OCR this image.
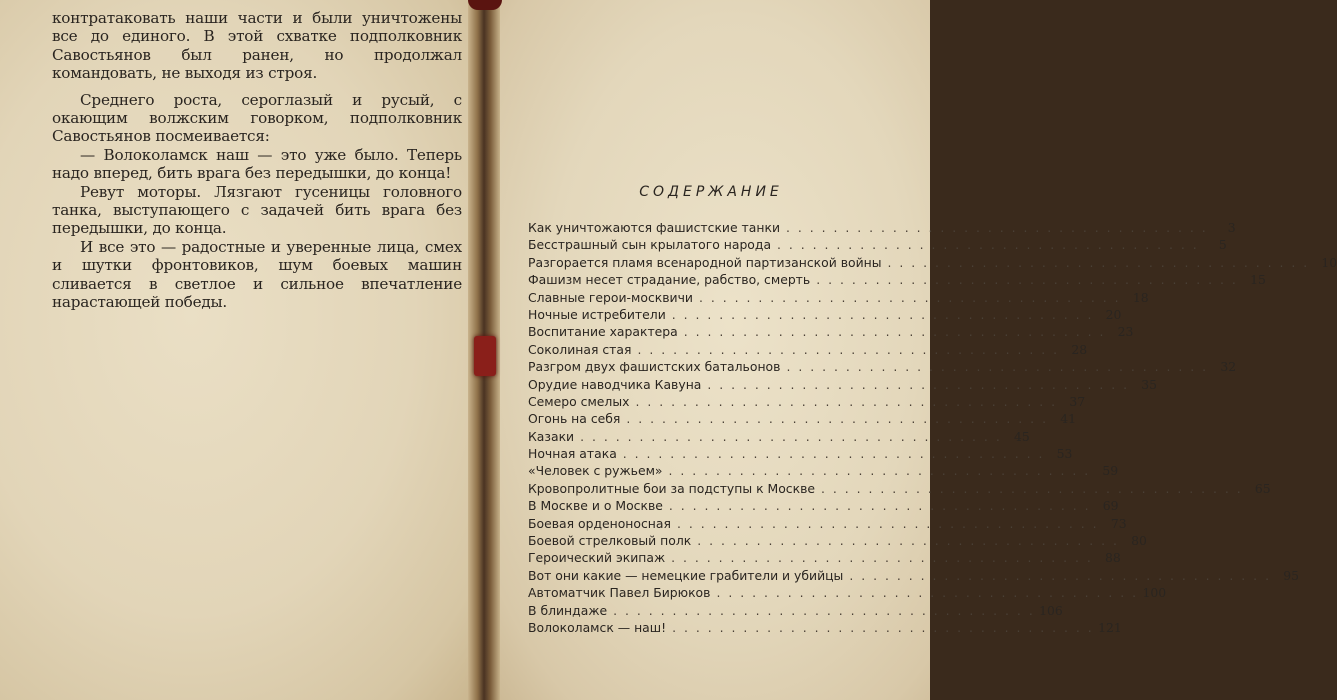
контратаковать наши части и были уничтожены все до единого. В этой схватке подполковник Савостьянов был ранен, но продолжал командовать, не выходя из строя.

Среднего роста, сероглазый и русый, с окающим волжским говорком, подполковник Савостьянов посмеивается:

— Волоколамск наш — это уже было. Теперь надо вперед, бить врага без передышки, до конца!

Ревут моторы. Лязгают гусеницы головного танка, выступающего с задачей бить врага без передышки, до конца.

И все это — радостные и уверенные лица, смех и шутки фронтовиков, шум боевых машин сливается в светлое и сильное впечатление нарастающей победы.

СОДЕРЖАНИЕ
Как уничтожаются фашистские танки . . .	3
Бесстрашный сын крылатого народа . . .	5
Разгорается пламя всенародной партизанской войны . . .	10
Фашизм несет страдание, рабство, смерть . . .	15
Славные герои-москвичи . . .	18
Ночные истребители . . .	20
Воспитание характера . . .	23
Соколиная стая . . .	28
Разгром двух фашистских батальонов . . .	32
Орудие наводчика Кавуна . . .	35
Семеро смелых . . .	37
Огонь на себя . . .	41
Казаки . . .	45
Ночная атака . . .	53
«Человек с ружьем» . . .	59
Кровопролитные бои за подступы к Москве . . .	65
В Москве и о Москве . . .	69
Боевая орденоносная . . .	73
Боевой стрелковый полк . . .	80
Героический экипаж . . .	88
Вот они какие — немецкие грабители и убийцы . . .	95
Автоматчик Павел Бирюков . . .	100
В блиндаже . . .	106
Волоколамск — наш! . . .	121
